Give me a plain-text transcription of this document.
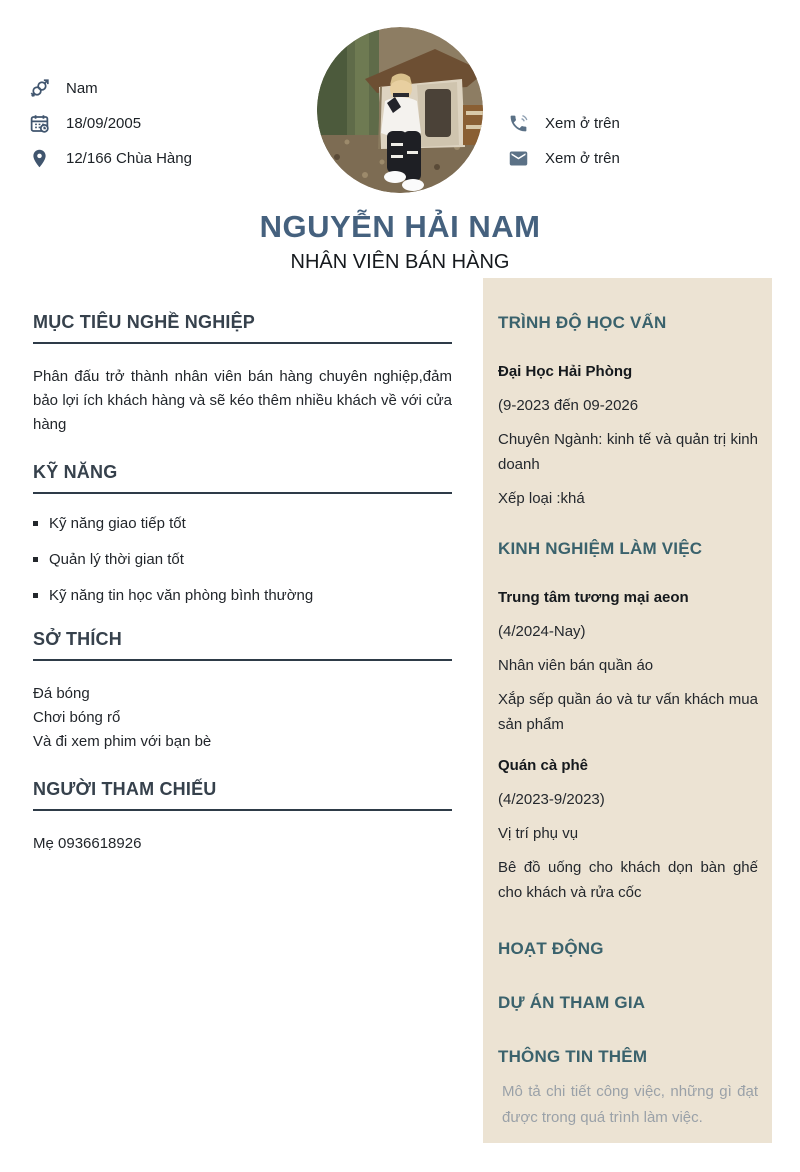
Nam
18/09/2005
12/166 Chùa Hàng
Xem ở trên
Xem ở trên
NGUYỄN HẢI NAM
NHÂN VIÊN BÁN HÀNG
MỤC TIÊU NGHỀ NGHIỆP

Phân đấu trở thành nhân viên bán hàng chuyên nghiệp,đảm bảo lợi ích khách hàng và sẽ kéo thêm nhiều khách về với cửa hàng

KỸ NĂNG
Kỹ năng giao tiếp tốt
Quản lý thời gian tốt
Kỹ năng tin học văn phòng bình thường
SỞ THÍCH

Đá bóng

Chơi bóng rổ

Và đi xem phim với bạn bè

NGƯỜI THAM CHIẾU

Mẹ 0936618926

TRÌNH ĐỘ HỌC VẤN

Đại Học Hải Phòng

(9-2023 đến 09-2026

Chuyên Ngành: kinh tế và quản trị kinh doanh

Xếp loại :khá

KINH NGHIỆM LÀM VIỆC

Trung tâm tương mại aeon

(4/2024-Nay)

Nhân viên bán quần áo

Xắp sếp quần áo và tư vấn khách mua sản phẩm

Quán cà phê

(4/2023-9/2023)

Vị trí phụ vụ

Bê đồ uống cho khách dọn bàn ghế cho khách và rửa cốc

HOẠT ĐỘNG
DỰ ÁN THAM GIA
THÔNG TIN THÊM

Mô tả chi tiết công việc, những gì đạt được trong quá trình làm việc.
